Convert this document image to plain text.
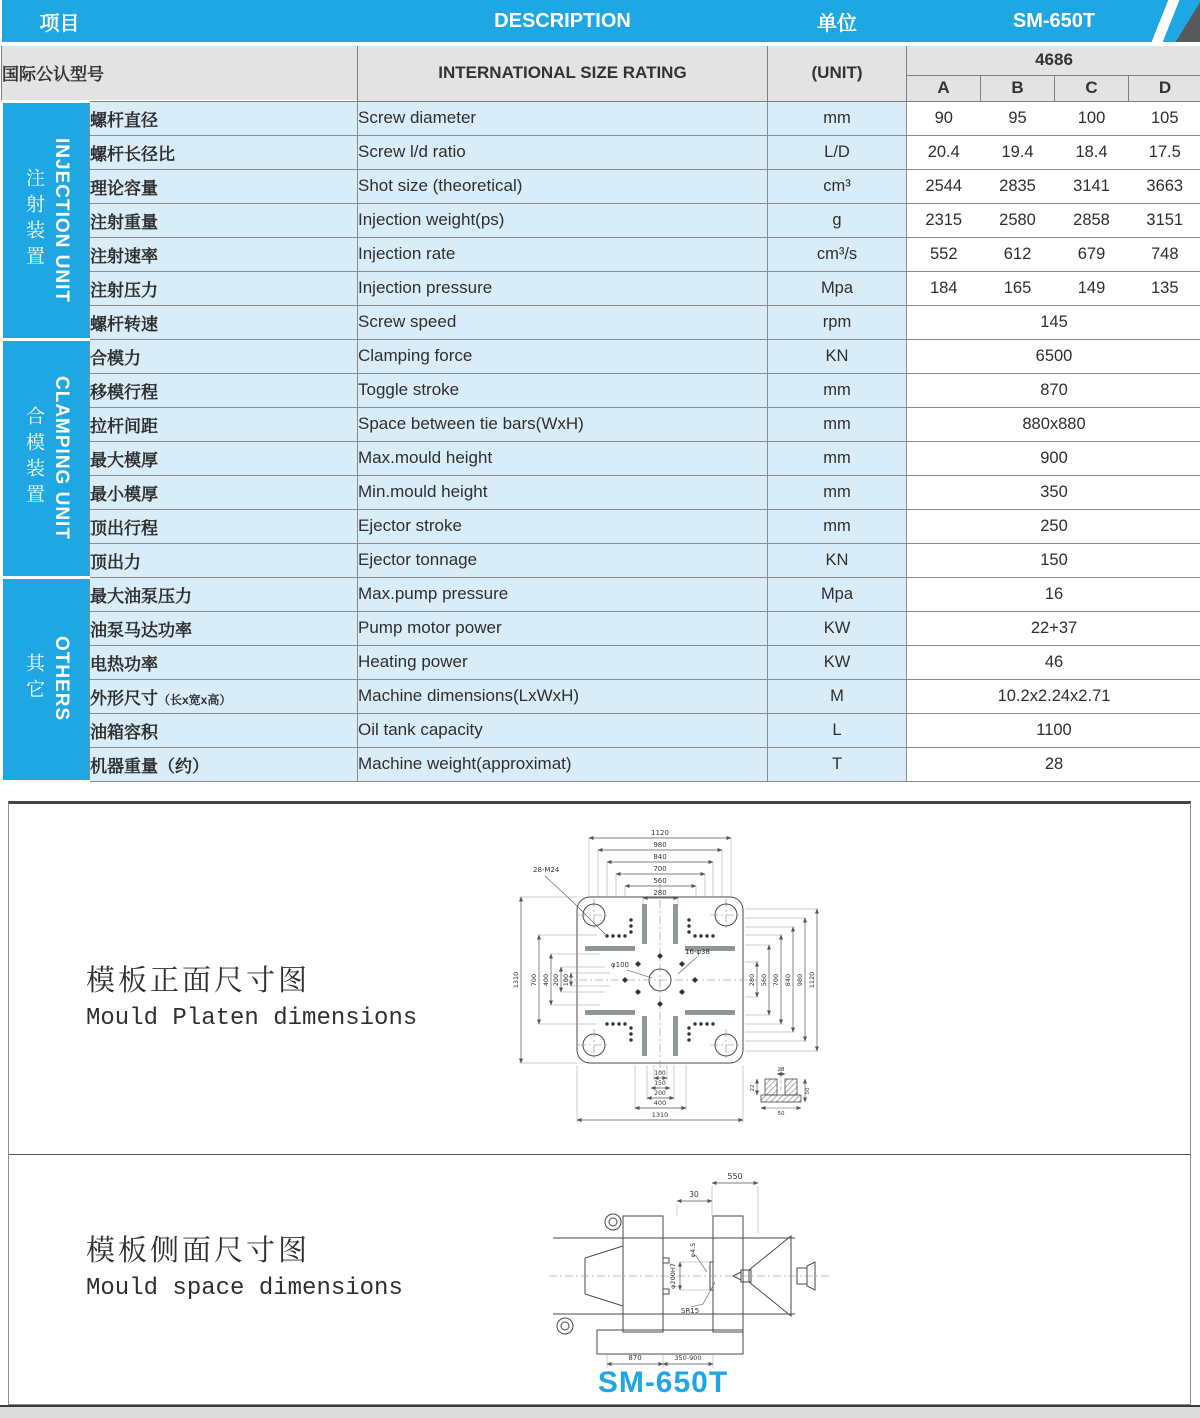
项目		DESCRIPTION	单位	SM-650T			

国际公认型号		INTERNATIONAL SIZE RATING	(UNIT)	4686			
				A	B	C	D

注射装置 INJECTION UNIT	螺杆直径	Screw diameter	mm	90	95	100	105
	螺杆长径比	Screw l/d ratio	L/D	20.4	19.4	18.4	17.5
	理论容量	Shot size (theoretical)	cm³	2544	2835	3141	3663
	注射重量	Injection weight(ps)	g	2315	2580	2858	3151
	注射速率	Injection rate	cm³/s	552	612	679	748
	注射压力	Injection pressure	Mpa	184	165	149	135
	螺杆转速	Screw speed	rpm	145			

合模装置 CLAMPING UNIT	合模力	Clamping force	KN	6500			
	移模行程	Toggle stroke	mm	870			
	拉杆间距	Space between tie bars(WxH)	mm	880x880			
	最大模厚	Max.mould height	mm	900			
	最小模厚	Min.mould height	mm	350			
	顶出行程	Ejector stroke	mm	250			
	顶出力	Ejector tonnage	KN	150			

其它 OTHERS	最大油泵压力	Max.pump pressure	Mpa	16			
	油泵马达功率	Pump motor power	KW	22+37			
	电热功率	Heating power	KW	46			
	外形尺寸（长x宽x高）	Machine dimensions(LxWxH)	M	10.2x2.24x2.71			
	油箱容积	Oil tank capacity	L	1100			
	机器重量（约）	Machine weight(approximat)	T	28			
模板正面尺寸图
Mould Platen dimensions
模板侧面尺寸图
Mould space dimensions
1120
980
840
700
560
280
1310 700 400 200 100	280 560 700 840 980 1120
100
150
200
400
1310
28-M24
φ100
16-φ38
28
22	50
50
550
30
φ4.5
φ200H7
SR15
870	350-900
SM-650T
